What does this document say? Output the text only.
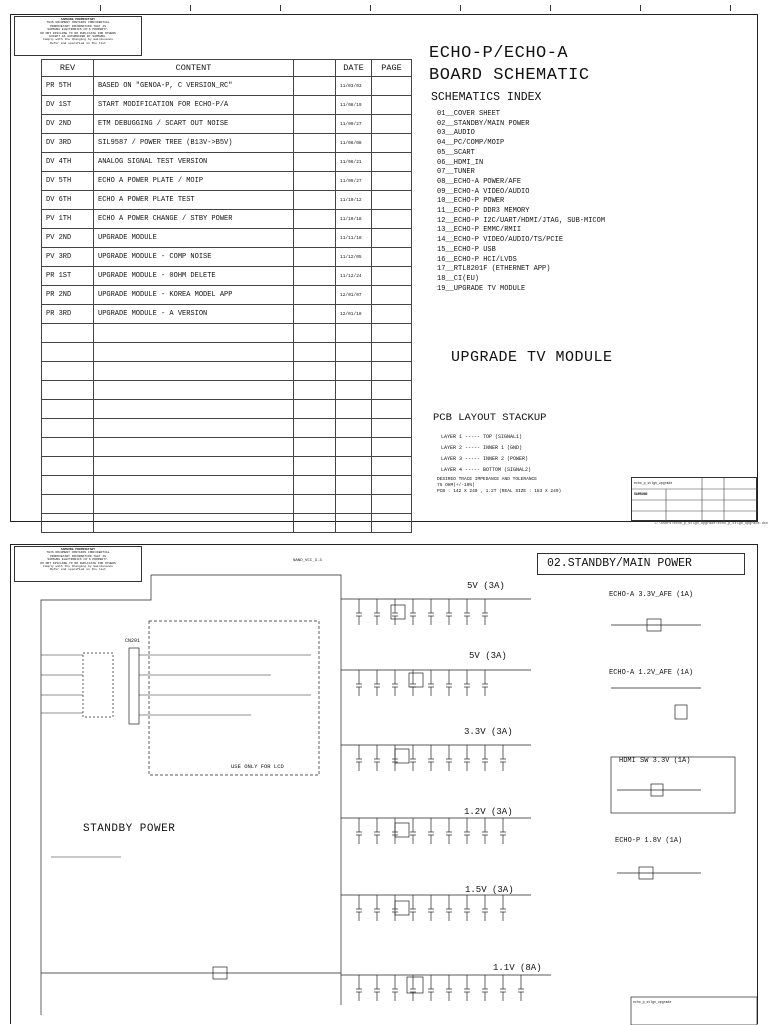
SAMSUNG PROPRIETARY
THIS DOCUMENT CONTAINS CONFIDENTIAL
PROPRIETARY INFORMATION THAT IS
SAMSUNG ELECTRONICS CO'S PROPERTY.
DO NOT DISCLOSE TO OR DUPLICATE FOR OTHERS
EXCEPT AS AUTHORIZED BY SAMSUNG.
Comply with the Changing by maintenance
Refer and specified in the list
REV	CONTENT		DATE	PAGE
PR 5TH	BASED ON "GENOA-P, C VERSION_RC"		11/03/03	
DV 1ST	START MODIFICATION FOR ECHO-P/A		11/08/19	
DV 2ND	ETM DEBUGGING / SCART OUT NOISE		11/09/27	
DV 3RD	SIL9587 / POWER TREE (B13V->B5V)		11/06/08	
DV 4TH	ANALOG SIGNAL TEST VERSION		11/06/21	
DV 5TH	ECHO A POWER PLATE / MOIP		11/09/27	
DV 6TH	ECHO A POWER PLATE TEST		11/10/12	
PV 1TH	ECHO A POWER CHANGE / STBY POWER		11/10/18	
PV 2ND	UPGRADE MODULE		11/11/18	
PV 3RD	UPGRADE MODULE - COMP NOISE		11/12/05	
PR 1ST	UPGRADE MODULE - 0OHM DELETE		11/12/24	
PR 2ND	UPGRADE MODULE - KOREA MODEL APP		12/01/07	
PR 3RD	UPGRADE MODULE - A VERSION		12/01/18	

ECHO-P/ECHO-A
BOARD SCHEMATIC
SCHEMATICS INDEX
01__COVER SHEET
02__STANDBY/MAIN POWER
03__AUDIO
04__PC/COMP/MOIP
05__SCART
06__HDMI_IN
07__TUNER
08__ECHO-A POWER/AFE
09__ECHO-A VIDEO/AUDIO
10__ECHO-P POWER
11__ECHO-P DDR3 MEMORY
12__ECHO-P I2C/UART/HDMI/JTAG, SUB-MICOM
13__ECHO-P EMMC/RMII
14__ECHO-P VIDEO/AUDIO/TS/PCIE
15__ECHO-P USB
16__ECHO-P HCI/LVDS
17__RTL8201F (ETHERNET APP)
18__CI(EU)
19__UPGRADE TV MODULE
UPGRADE TV MODULE
PCB LAYOUT STACKUP
LAYER 1 ----- TOP (SIGNAL1)
LAYER 2 ----- INNER 1 (GND)
LAYER 3 ----- INNER 2 (POWER)
LAYER 4 ----- BOTTOM (SIGNAL2)
DESIRED TRACE IMPEDANCE AND TOLERANCE
75 OHM(+/-10%)
PCB : 142 X 240 , 1.2T (REAL SIZE : 183 X 249)
echo_p_stlgn_upgrade
SAMSUNG
C:\Users\echo_p_stlgn_upgrade\echo_p_stlgn_upgrade.dsn
SAMSUNG PROPRIETARY
THIS DOCUMENT CONTAINS CONFIDENTIAL
PROPRIETARY INFORMATION THAT IS
SAMSUNG ELECTRONICS CO'S PROPERTY.
DO NOT DISCLOSE TO OR DUPLICATE FOR OTHERS
Comply with the Changing by maintenance
Refer and specified in the list	02.STANDBY/MAIN POWER
5V (3A)
5V (3A)
3.3V (3A)
1.2V (3A)
1.5V (3A)
1.1V (8A)
ECHO-A 3.3V_AFE (1A)
ECHO-A 1.2V_AFE (1A)
HDMI SW 3.3V (1A)
ECHO-P 1.8V (1A)
CN201
NAND_VCC_3.3
USE ONLY FOR LCD
STANDBY POWER
echo_p_stlgn_upgrade
